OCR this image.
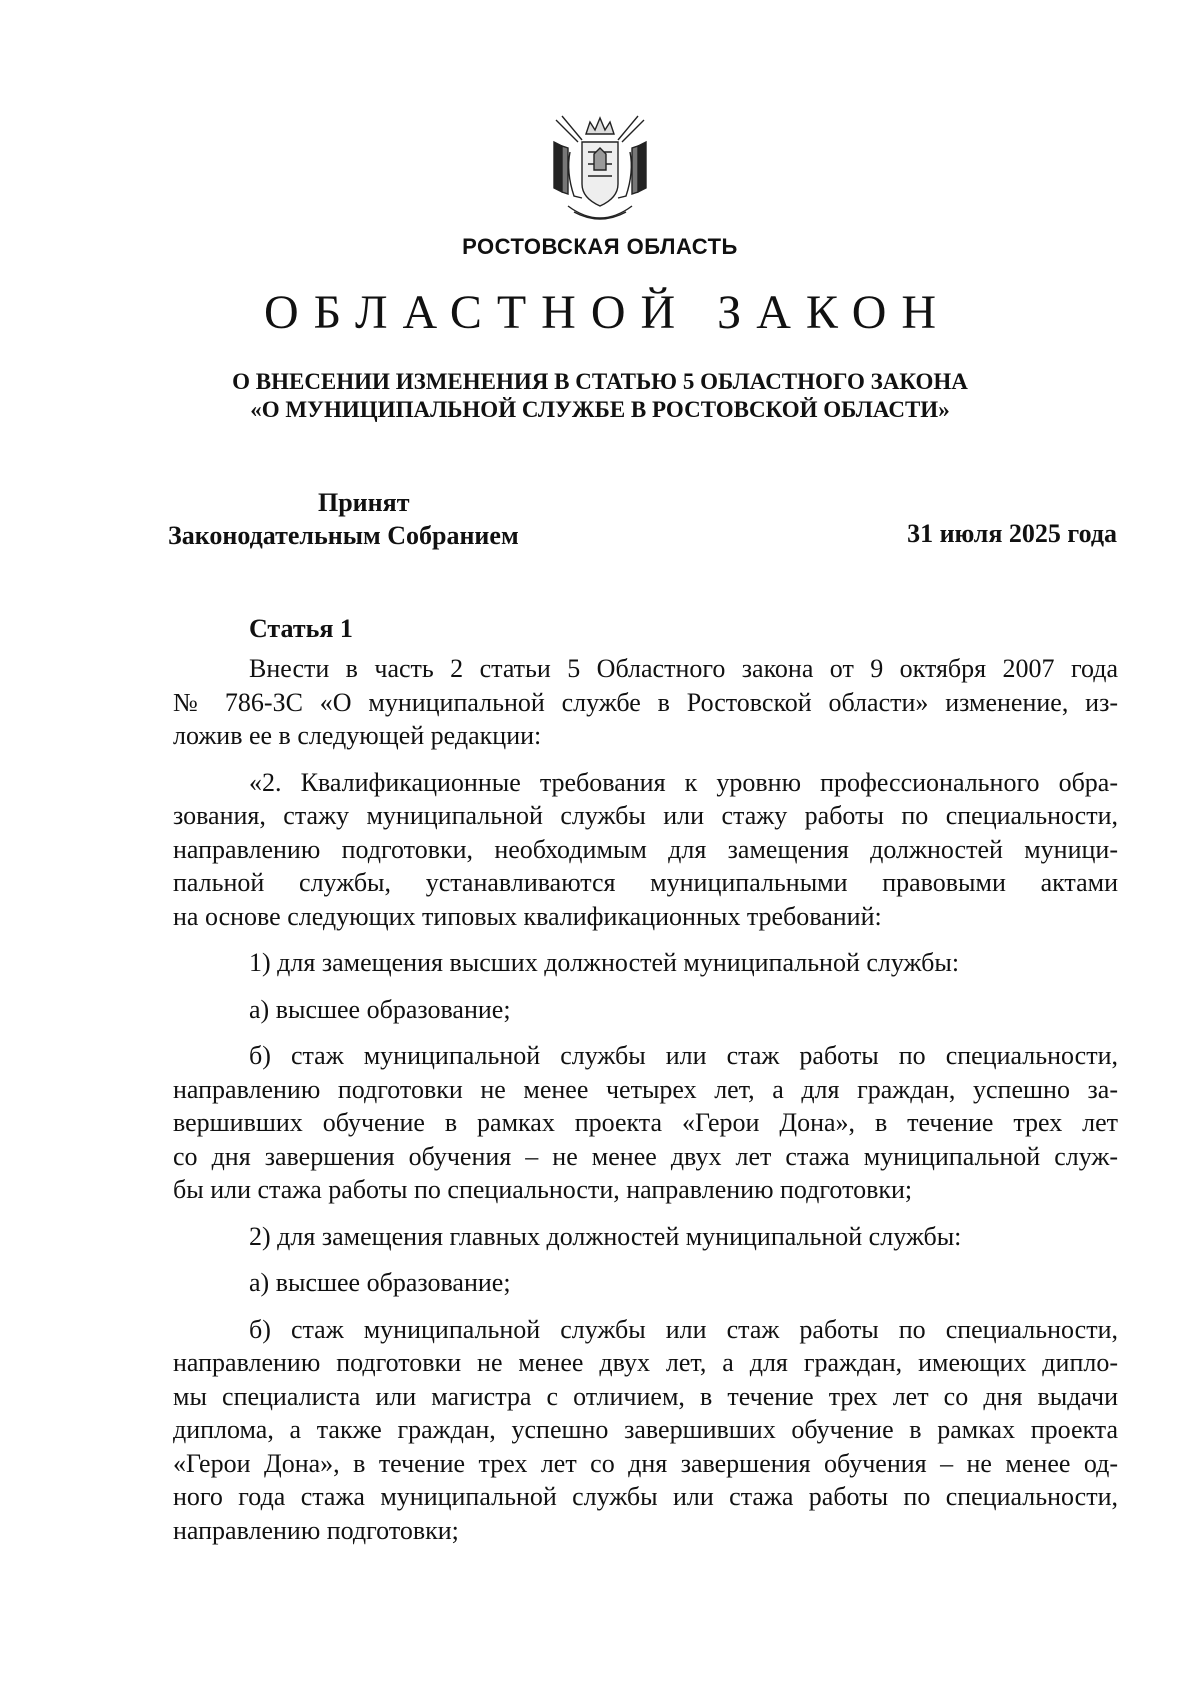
РОСТОВСКАЯ ОБЛАСТЬ
ОБЛАСТНОЙ ЗАКОН
О ВНЕСЕНИИ ИЗМЕНЕНИЯ В СТАТЬЮ 5 ОБЛАСТНОГО ЗАКОНА
«О МУНИЦИПАЛЬНОЙ СЛУЖБЕ В РОСТОВСКОЙ ОБЛАСТИ»
Принят
Законодательным Собранием	31 июля 2025 года
Статья 1

Внести в часть 2 статьи 5 Областного закона от 9 октября 2007 года
№ 786-ЗС «О муниципальной службе в Ростовской области» изменение, из-
ложив ее в следующей редакции:

«2. Квалификационные требования к уровню профессионального обра-
зования, стажу муниципальной службы или стажу работы по специальности,
направлению подготовки, необходимым для замещения должностей муници-
пальной службы, устанавливаются муниципальными правовыми актами
на основе следующих типовых квалификационных требований:

1) для замещения высших должностей муниципальной службы:

а) высшее образование;

б) стаж муниципальной службы или стаж работы по специальности,
направлению подготовки не менее четырех лет, а для граждан, успешно за-
вершивших обучение в рамках проекта «Герои Дона», в течение трех лет
со дня завершения обучения – не менее двух лет стажа муниципальной служ-
бы или стажа работы по специальности, направлению подготовки;

2) для замещения главных должностей муниципальной службы:

а) высшее образование;

б) стаж муниципальной службы или стаж работы по специальности,
направлению подготовки не менее двух лет, а для граждан, имеющих дипло-
мы специалиста или магистра с отличием, в течение трех лет со дня выдачи
диплома, а также граждан, успешно завершивших обучение в рамках проекта
«Герои Дона», в течение трех лет со дня завершения обучения – не менее од-
ного года стажа муниципальной службы или стажа работы по специальности,
направлению подготовки;
